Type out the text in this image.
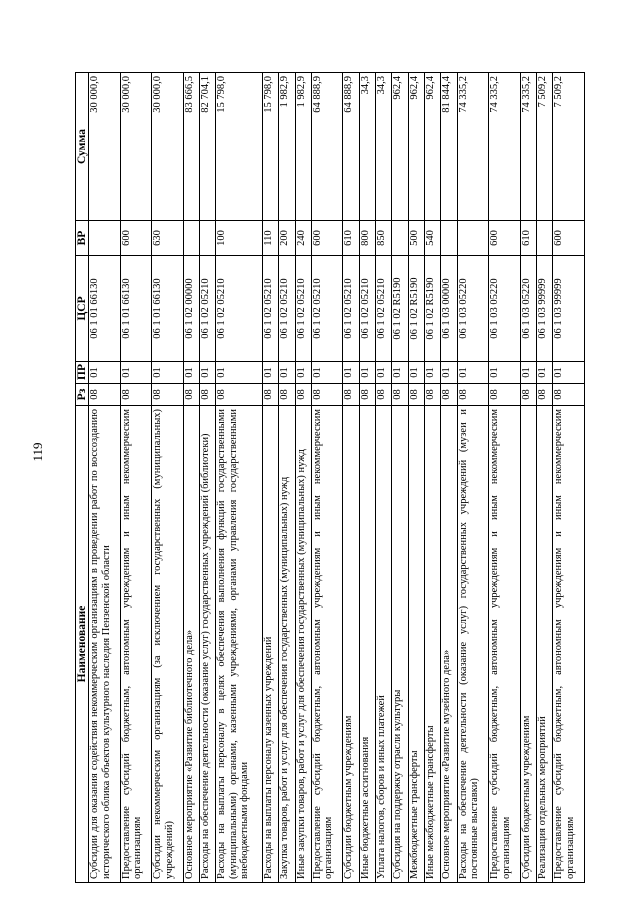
119
Наименование	Рз	ПР	ЦСР	ВР	Сумма
Субсидии для оказания содействия некоммерческим организациям в проведении работ по воссозданию исторического облика объектов культурного наследия Пензенской области	08	01	06 1 01 66130		30 000,0
Предоставление субсидий бюджетным, автономным учреждениям и иным некоммерческим организациям	08	01	06 1 01 66130	600	30 000,0
Субсидии некоммерческим организациям (за исключением государственных (муниципальных) учреждений)	08	01	06 1 01 66130	630	30 000,0
Основное мероприятие «Развитие библиотечного дела»	08	01	06 1 02 00000		83 666,5
Расходы на обеспечение деятельности (оказание услуг) государственных учреждений (библиотеки)	08	01	06 1 02 05210		82 704,1
Расходы на выплаты персоналу в целях обеспечения выполнения функций государственными (муниципальными) органами, казенными учреждениями, органами управления государственными внебюджетными фондами	08	01	06 1 02 05210	100	15 798,0
Расходы на выплаты персоналу казенных учреждений	08	01	06 1 02 05210	110	15 798,0
Закупка товаров, работ и услуг для обеспечения государственных (муниципальных) нужд	08	01	06 1 02 05210	200	1 982,9
Иные закупки товаров, работ и услуг для обеспечения государственных (муниципальных) нужд	08	01	06 1 02 05210	240	1 982,9
Предоставление субсидий бюджетным, автономным учреждениям и иным некоммерческим организациям	08	01	06 1 02 05210	600	64 888,9
Субсидии бюджетным учреждениям	08	01	06 1 02 05210	610	64 888,9
Иные бюджетные ассигнования	08	01	06 1 02 05210	800	34,3
Уплата налогов, сборов и иных платежей	08	01	06 1 02 05210	850	34,3
Субсидия на поддержку отрасли культуры	08	01	06 1 02 R5190		962,4
Межбюджетные трансферты	08	01	06 1 02 R5190	500	962,4
Иные межбюджетные трансферты	08	01	06 1 02 R5190	540	962,4
Основное мероприятие «Развитие музейного дела»	08	01	06 1 03 00000		81 844,4
Расходы на обеспечение деятельности (оказание услуг) государственных учреждений (музеи и постоянные выставки)	08	01	06 1 03 05220		74 335,2
Предоставление субсидий бюджетным, автономным учреждениям и иным некоммерческим организациям	08	01	06 1 03 05220	600	74 335,2
Субсидии бюджетным учреждениям	08	01	06 1 03 05220	610	74 335,2
Реализация отдельных мероприятий	08	01	06 1 03 99999		7 509,2
Предоставление субсидий бюджетным, автономным учреждениям и иным некоммерческим организациям	08	01	06 1 03 99999	600	7 509,2
